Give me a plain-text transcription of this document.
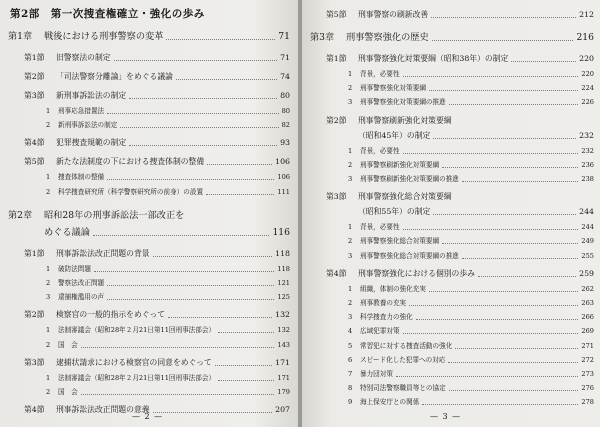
第2部　第一次捜査権確立・強化の歩み
第1章 戦後における刑事警察の変革	71
第1節 旧警察法の制定	71
第2節 「司法警察分離論」をめぐる議論	74
第3節 新刑事訴訟法の制定	80
1 刑事応急措置法	80
2 新刑事訴訟法の制定	82
第4節 犯罪捜査規範の制定	93
第5節 新たな法制度の下における捜査体制の整備	106
1 捜査体制の整備	106
2 科学捜査研究所（科学警察研究所の前身）の設置	111
第2章 昭和28年の刑事訴訟法一部改正を
めぐる議論	116
第1節 刑事訴訟法改正問題の背景	118
1 破防法問題	118
2 警察法改正問題	121
3 逮捕権濫用の声	125
第2節 検察官の一般的指示をめぐって	132
1 法制審議会（昭和28年２月21日第11回刑事法部会）	132
2 国　会	143
第3節 逮捕状請求における検察官の同意をめぐって	171
1 法制審議会（昭和28年２月21日第11回刑事法部会）	171
2 国　会	179
第4節 刑事訴訟法改正問題の意義	207
— 2 —
第5節 刑事警察の刷新改善	212
第3章 刑事警察強化の歴史	216
第1節 刑事警察強化対策要綱（昭和38年）の制定	220
1 背景，必要性	220
2 刑事警察強化対策要綱	224
3 刑事警察強化対策要綱の推進	226
第2節 刑事警察刷新強化対策要綱
（昭和45年）の制定	232
1 背景，必要性	232
2 刑事警察刷新強化対策要綱	236
3 刑事警察刷新強化対策要綱の推進	238
第3節 刑事警察強化総合対策要綱
（昭和55年）の制定	244
1 背景，必要性	244
2 刑事警察強化総合対策要綱	249
3 刑事警察強化総合対策要綱の推進	255
第4節 刑事警察強化における個別の歩み	259
1 組織，体制の強化充実	262
2 刑事教養の充実	263
3 科学捜査力の強化	266
4 広域犯罪対策	269
5 常習犯に対する捜査活動の強化	271
6 スピード化した犯罪への対応	272
7 暴力団対策	273
8 特別司法警察職員等との協定	276
9 海上保安庁との関係	278
— 3 —
